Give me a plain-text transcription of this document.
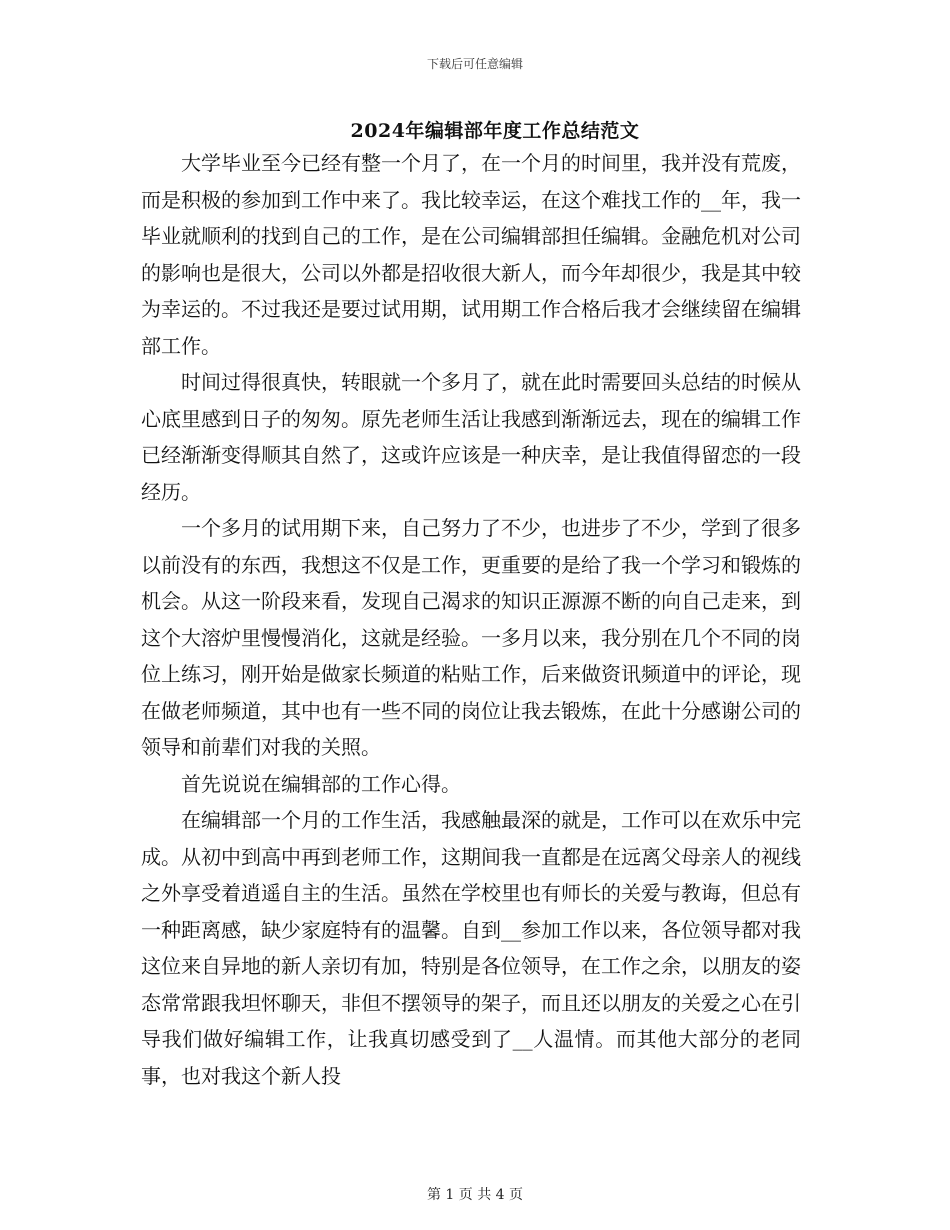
下载后可任意编辑
2024年编辑部年度工作总结范文

大学毕业至今已经有整一个月了，在一个月的时间里，我并没有荒废，而是积极的参加到工作中来了。我比较幸运，在这个难找工作的__年，我一毕业就顺利的找到自己的工作，是在公司编辑部担任编辑。金融危机对公司的影响也是很大，公司以外都是招收很大新人，而今年却很少，我是其中较为幸运的。不过我还是要过试用期，试用期工作合格后我才会继续留在编辑部工作。

时间过得很真快，转眼就一个多月了，就在此时需要回头总结的时候从心底里感到日子的匆匆。原先老师生活让我感到渐渐远去，现在的编辑工作已经渐渐变得顺其自然了，这或许应该是一种庆幸，是让我值得留恋的一段经历。

一个多月的试用期下来，自己努力了不少，也进步了不少，学到了很多以前没有的东西，我想这不仅是工作，更重要的是给了我一个学习和锻炼的机会。从这一阶段来看，发现自己渴求的知识正源源不断的向自己走来，到这个大溶炉里慢慢消化，这就是经验。一多月以来，我分别在几个不同的岗位上练习，刚开始是做家长频道的粘贴工作，后来做资讯频道中的评论，现在做老师频道，其中也有一些不同的岗位让我去锻炼，在此十分感谢公司的领导和前辈们对我的关照。

首先说说在编辑部的工作心得。

在编辑部一个月的工作生活，我感触最深的就是，工作可以在欢乐中完成。从初中到高中再到老师工作，这期间我一直都是在远离父母亲人的视线之外享受着逍遥自主的生活。虽然在学校里也有师长的关爱与教诲，但总有一种距离感，缺少家庭特有的温馨。自到__参加工作以来，各位领导都对我这位来自异地的新人亲切有加，特别是各位领导，在工作之余，以朋友的姿态常常跟我坦怀聊天，非但不摆领导的架子，而且还以朋友的关爱之心在引导我们做好编辑工作，让我真切感受到了__人温情。而其他大部分的老同事，也对我这个新人投

第 1 页 共 4 页
